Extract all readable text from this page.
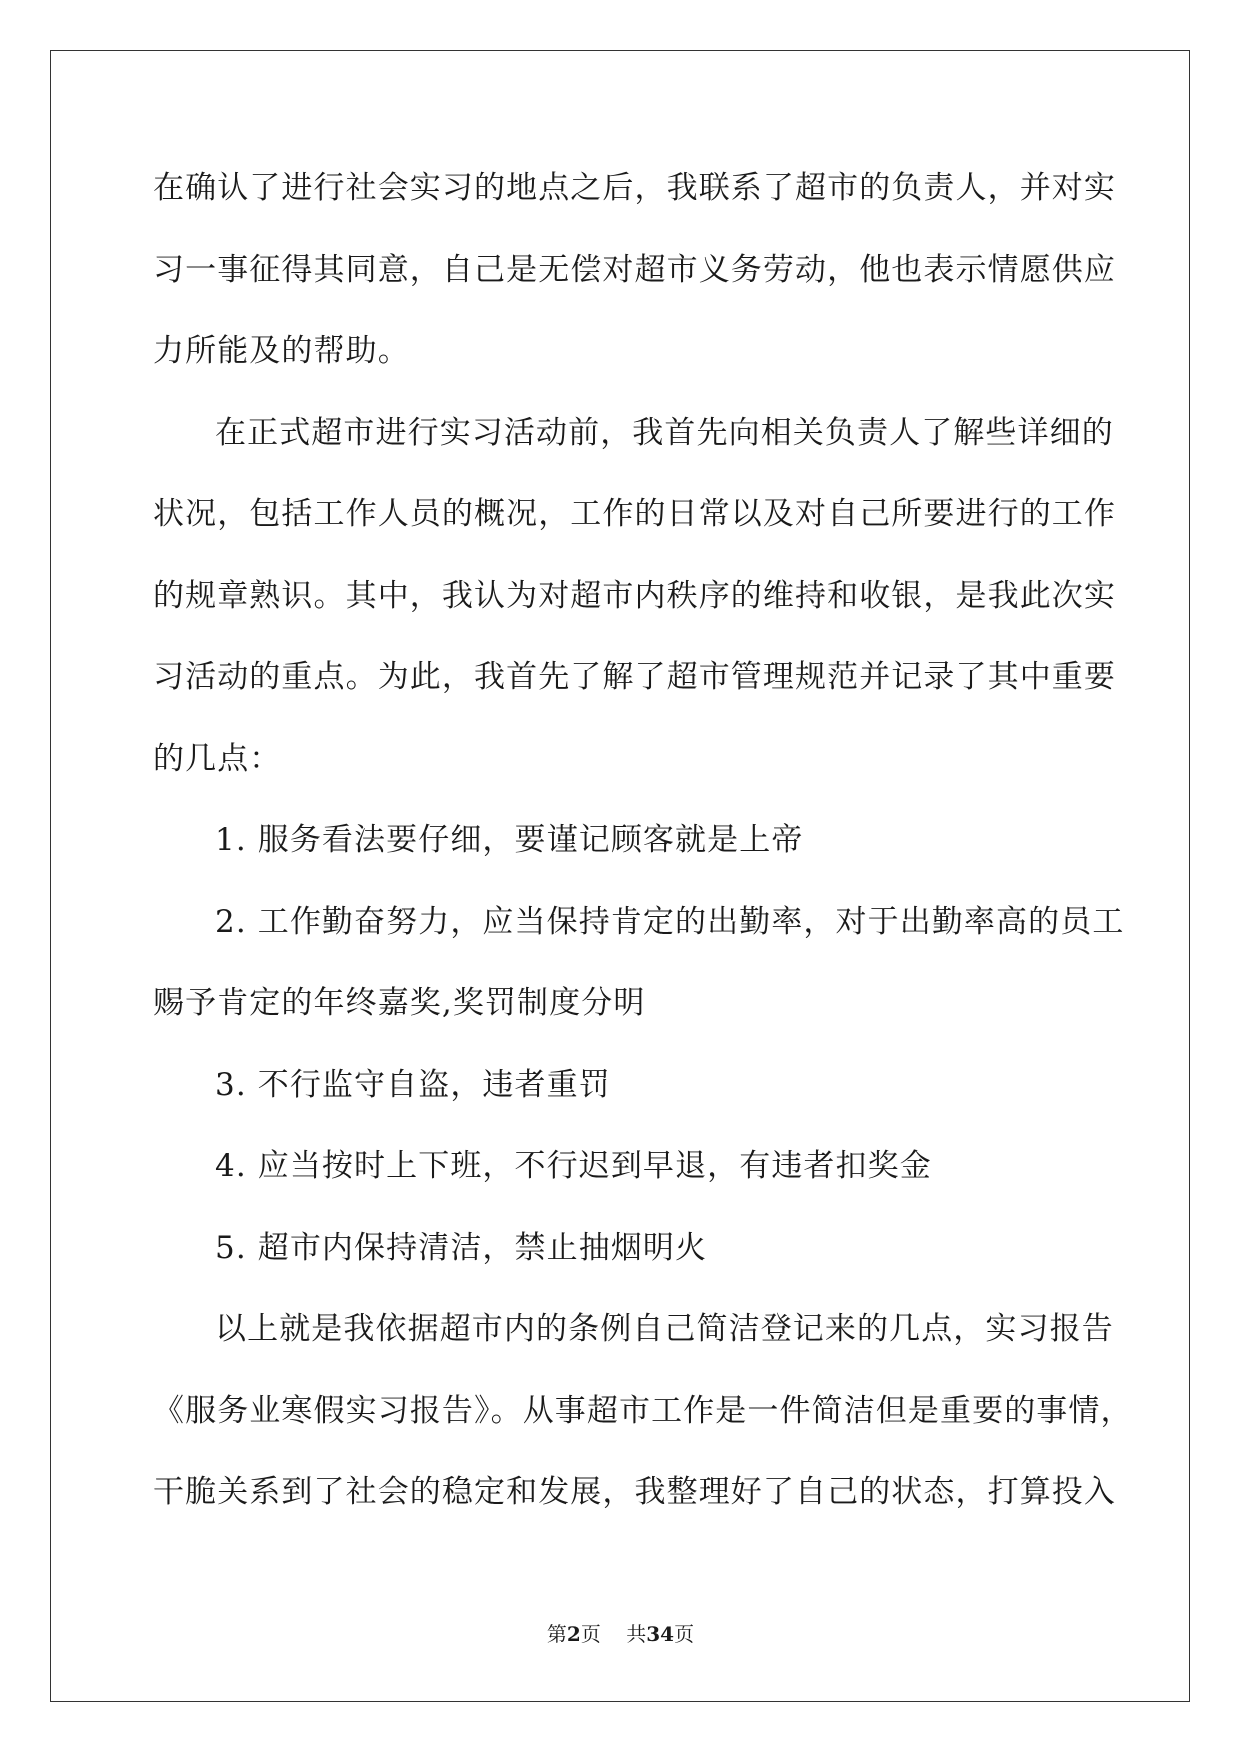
在确认了进行社会实习的地点之后，我联系了超市的负责人，并对实
习一事征得其同意，自己是无偿对超市义务劳动，他也表示情愿供应
力所能及的帮助。
在正式超市进行实习活动前，我首先向相关负责人了解些详细的
状况，包括工作人员的概况，工作的日常以及对自己所要进行的工作
的规章熟识。其中，我认为对超市内秩序的维持和收银，是我此次实
习活动的重点。为此，我首先了解了超市管理规范并记录了其中重要
的几点：
1. 服务看法要仔细，要谨记顾客就是上帝
2. 工作勤奋努力，应当保持肯定的出勤率，对于出勤率高的员工
赐予肯定的年终嘉奖,奖罚制度分明
3. 不行监守自盗，违者重罚
4. 应当按时上下班，不行迟到早退，有违者扣奖金
5. 超市内保持清洁，禁止抽烟明火
以上就是我依据超市内的条例自己简洁登记来的几点，实习报告
《服务业寒假实习报告》。从事超市工作是一件简洁但是重要的事情，
干脆关系到了社会的稳定和发展，我整理好了自己的状态，打算投入
第2页 共34页
